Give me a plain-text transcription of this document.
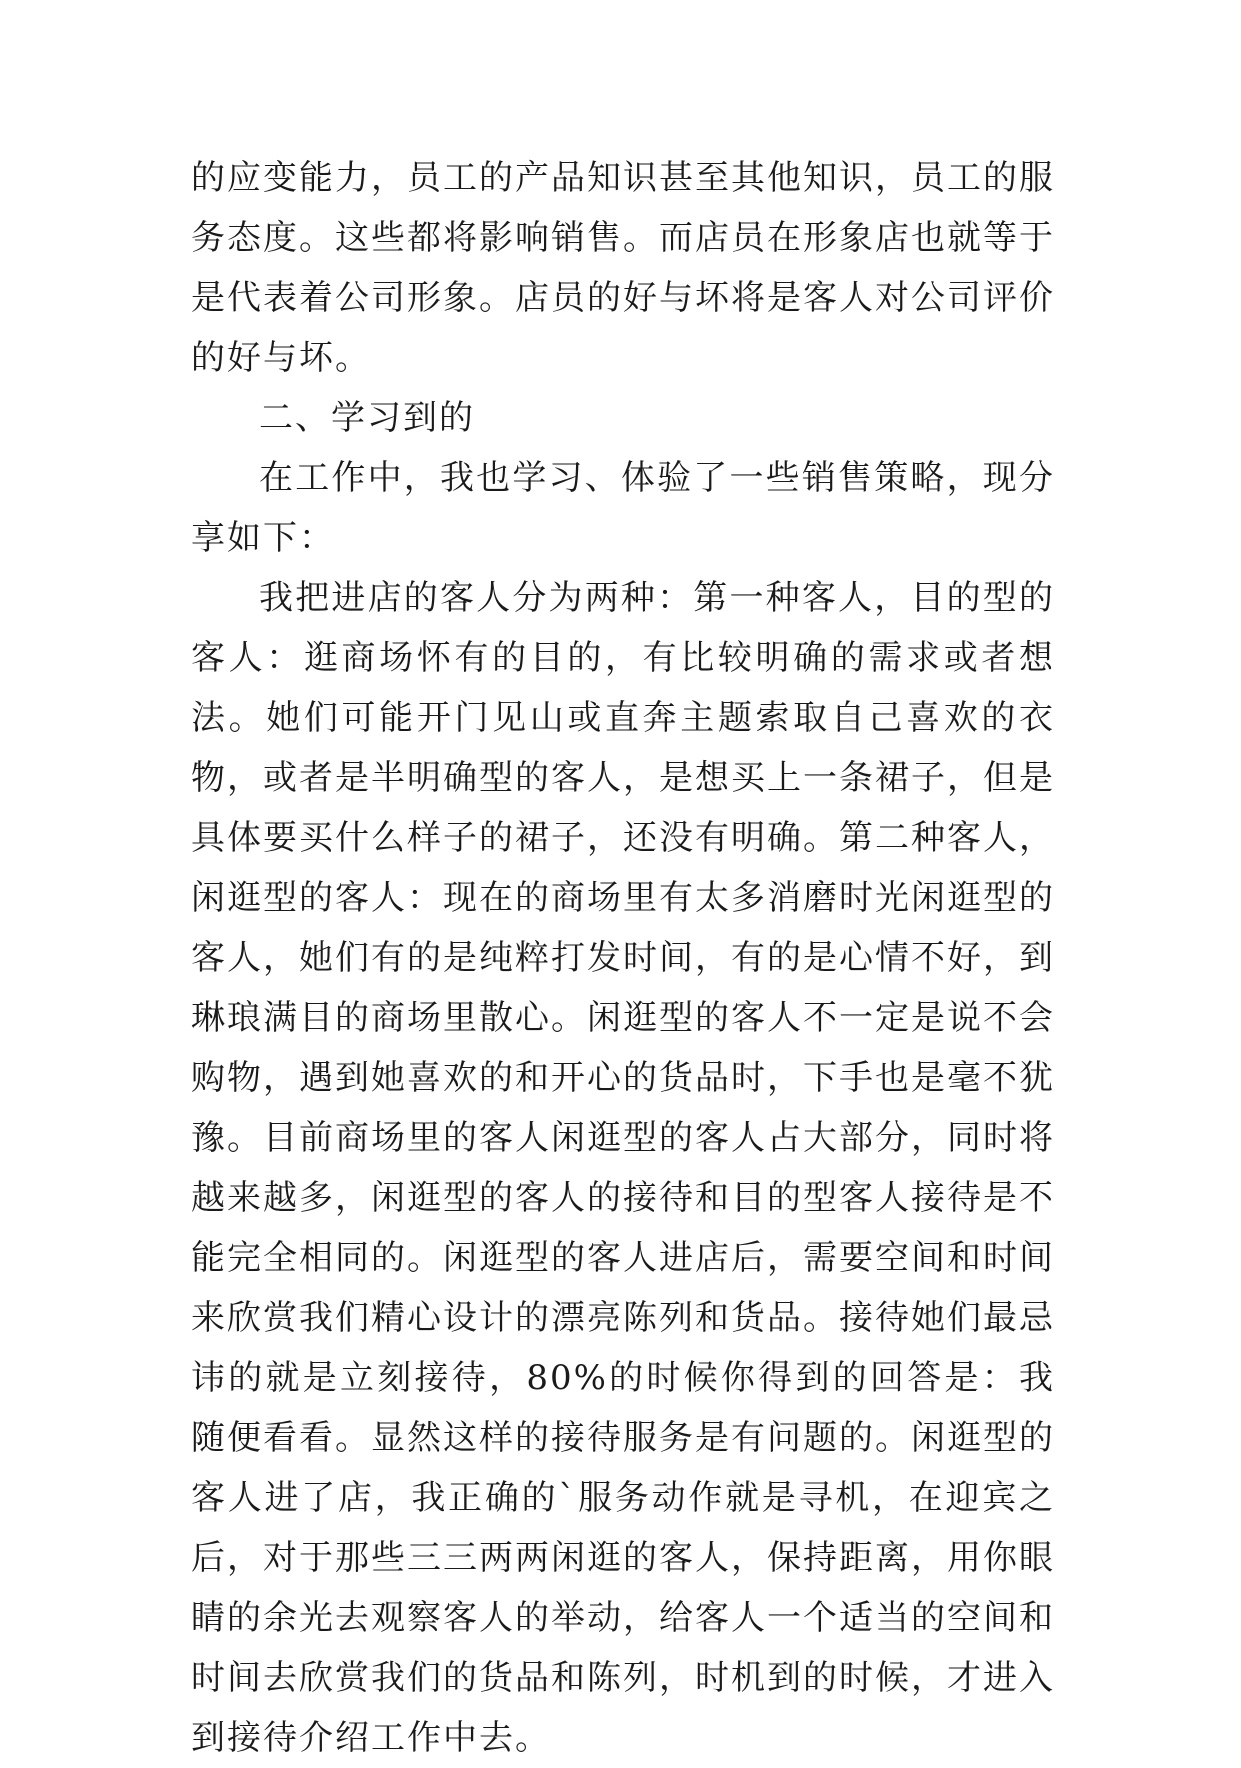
的应变能力，员工的产品知识甚至其他知识，员工的服务态度。这些都将影响销售。而店员在形象店也就等于是代表着公司形象。店员的好与坏将是客人对公司评价的好与坏。

二、学习到的

在工作中，我也学习、体验了一些销售策略，现分享如下：

我把进店的客人分为两种：第一种客人，目的型的客人：逛商场怀有的目的，有比较明确的需求或者想法。她们可能开门见山或直奔主题索取自己喜欢的衣物，或者是半明确型的客人，是想买上一条裙子，但是具体要买什么样子的裙子，还没有明确。第二种客人，闲逛型的客人：现在的商场里有太多消磨时光闲逛型的客人，她们有的是纯粹打发时间，有的是心情不好，到琳琅满目的商场里散心。闲逛型的客人不一定是说不会购物，遇到她喜欢的和开心的货品时，下手也是毫不犹豫。目前商场里的客人闲逛型的客人占大部分，同时将越来越多，闲逛型的客人的接待和目的型客人接待是不能完全相同的。闲逛型的客人进店后，需要空间和时间来欣赏我们精心设计的漂亮陈列和货品。接待她们最忌讳的就是立刻接待，80%的时候你得到的回答是：我随便看看。显然这样的接待服务是有问题的。闲逛型的客人进了店，我正确的`服务动作就是寻机，在迎宾之后，对于那些三三两两闲逛的客人，保持距离，用你眼睛的余光去观察客人的举动，给客人一个适当的空间和时间去欣赏我们的货品和陈列，时机到的时候，才进入到接待介绍工作中去。
